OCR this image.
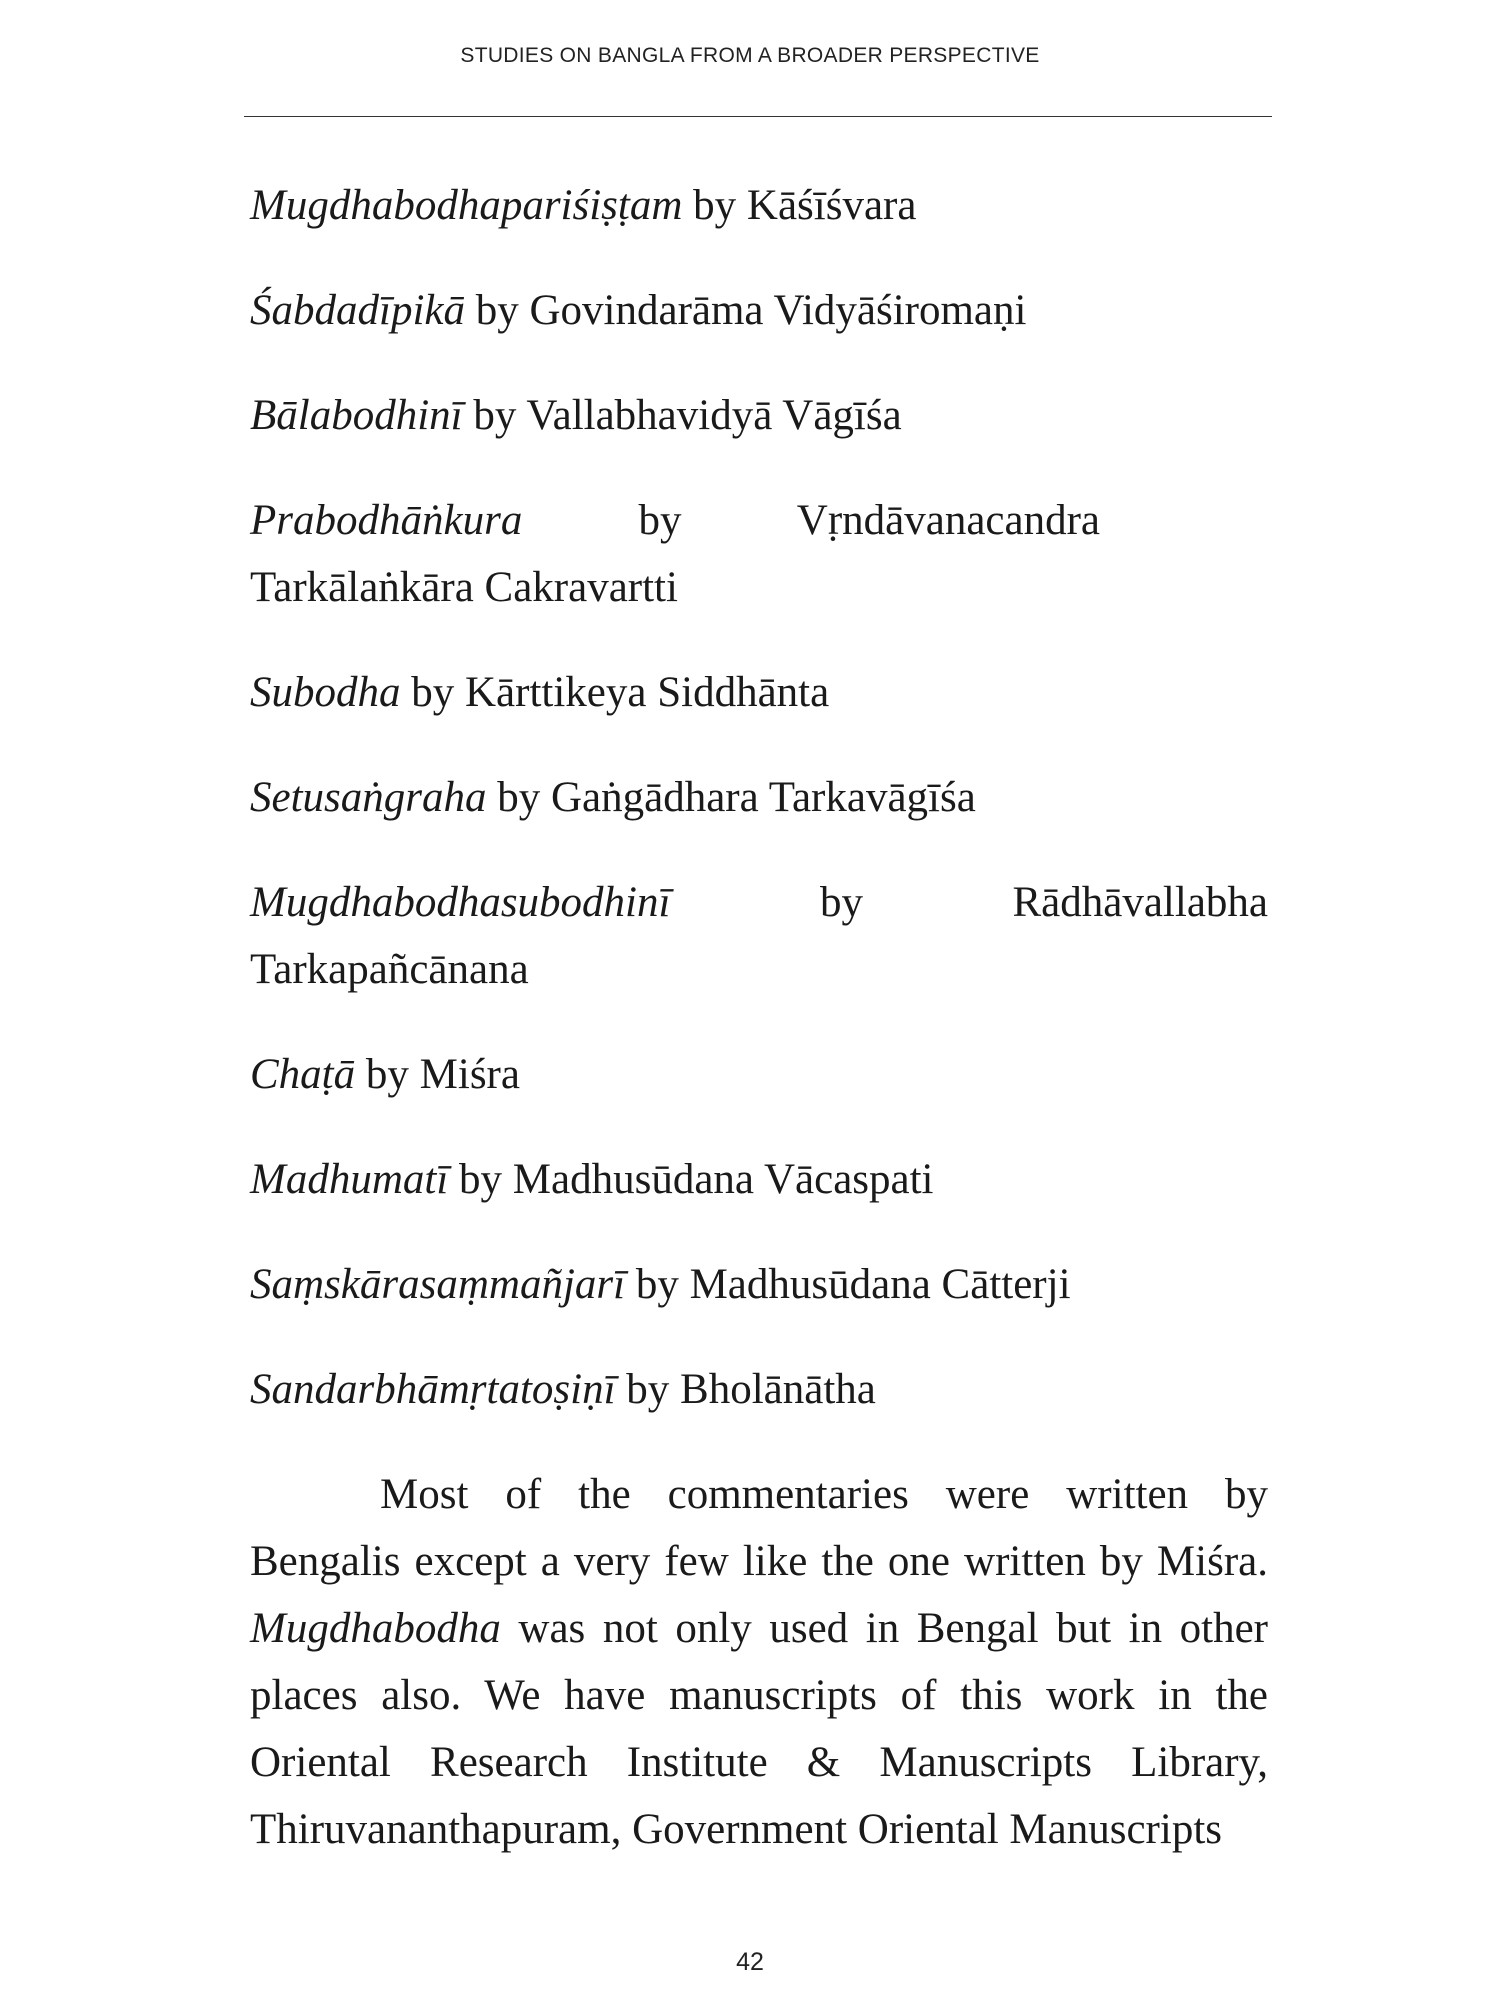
STUDIES ON BANGLA FROM A BROADER PERSPECTIVE
Mugdhabodhapariśiṣṭam by Kāśīśvara
Śabdadīpikā by Govindarāma Vidyāśiromaṇi
Bālabodhinī by Vallabhavidyā Vāgīśa
Prabodhāṅkura by Vṛndāvanacandra Tarkālaṅkāra Cakravartti
Subodha by Kārttikeya Siddhānta
Setusaṅgraha by Gaṅgādhara Tarkavāgīśa
Mugdhabodhasubodhinī by Rādhāvallabha Tarkapañcānana
Chaṭā by Miśra
Madhumatī by Madhusūdana Vācaspati
Saṃskārasaṃmañjarī by Madhusūdana Cātterji
Sandarbhāmṛtatoṣiṇī by Bholānātha

Most of the commentaries were written by Bengalis except a very few like the one written by Miśra. Mugdhabodha was not only used in Bengal but in other places also. We have manuscripts of this work in the Oriental Research Institute & Manuscripts Library, Thiruvananthapuram, Government Oriental Manuscripts

42
